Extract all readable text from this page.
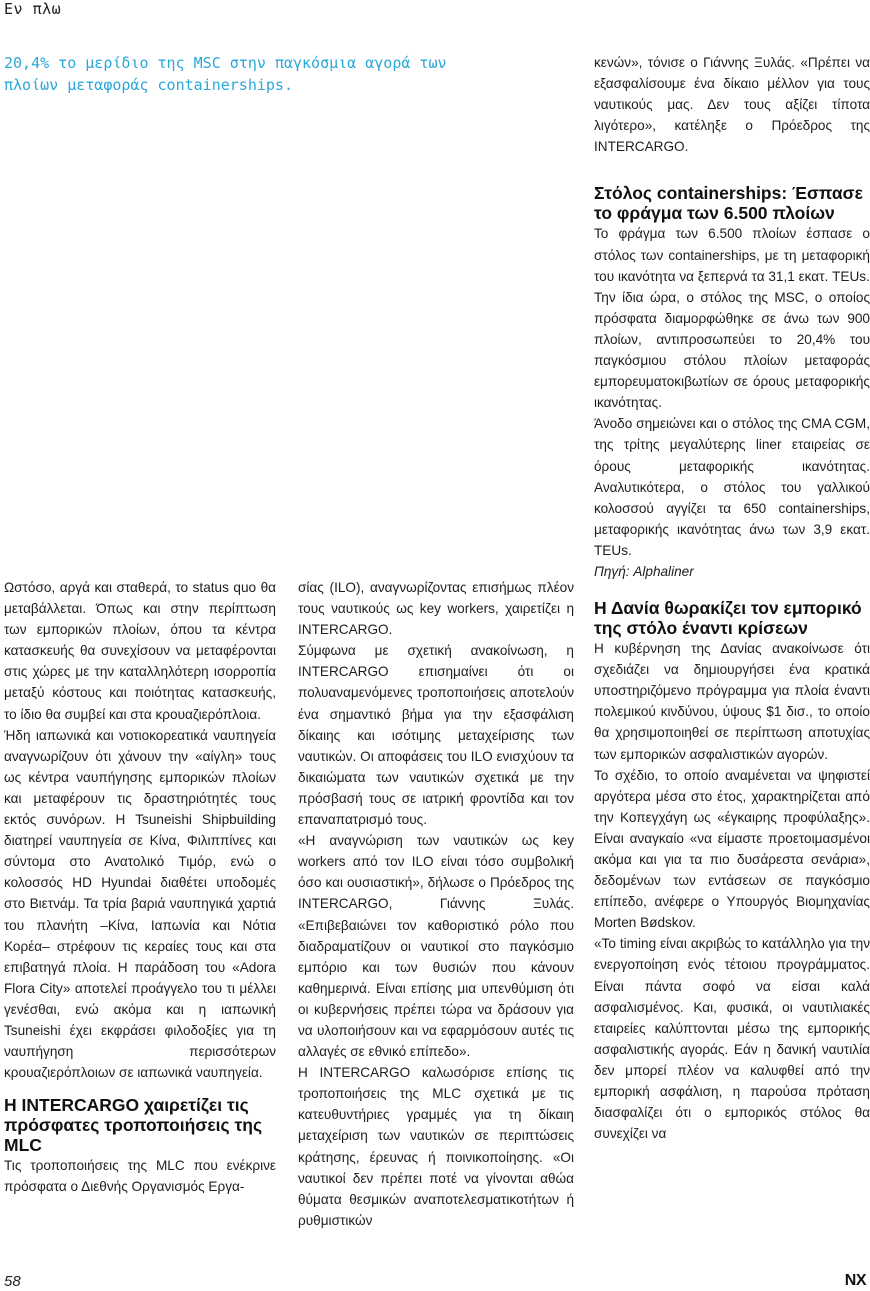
Εν πλω
20,4% το μερίδιο της MSC στην παγκόσμια αγορά των πλοίων μεταφοράς containerships.

Ωστόσο, αργά και σταθερά, το status quo θα μεταβάλλεται. Όπως και στην περίπτωση των εμπορικών πλοίων, όπου τα κέντρα κατασκευής θα συνεχίσουν να μεταφέρονται στις χώρες με την καταλληλότερη ισορροπία μεταξύ κόστους και ποιότητας κατασκευής, το ίδιο θα συμβεί και στα κρουαζιερόπλοια.

Ήδη ιαπωνικά και νοτιοκορεατικά ναυπηγεία αναγνωρίζουν ότι χάνουν την «αίγλη» τους ως κέντρα ναυπήγησης εμπορικών πλοίων και μεταφέρουν τις δραστηριότητές τους εκτός συνόρων. Η Tsuneishi Shipbuilding διατηρεί ναυπηγεία σε Κίνα, Φιλιππίνες και σύντομα στο Ανατολικό Τιμόρ, ενώ ο κολοσσός HD Hyundai διαθέτει υποδομές στο Βιετνάμ. Τα τρία βαριά ναυπηγικά χαρτιά του πλανήτη –Κίνα, Ιαπωνία και Νότια Κορέα– στρέφουν τις κεραίες τους και στα επιβατηγά πλοία. Η παράδοση του «Adora Flora City» αποτελεί προάγγελο του τι μέλλει γενέσθαι, ενώ ακόμα και η ιαπωνική Tsuneishi έχει εκφράσει φιλοδοξίες για τη ναυπήγηση περισσότερων κρουαζιερόπλοιων σε ιαπωνικά ναυπηγεία.

Η INTERCARGO χαιρετίζει τις πρόσφατες τροποποιήσεις της MLC

Τις τροποποιήσεις της MLC που ενέκρινε πρόσφατα ο Διεθνής Οργανισμός Εργα-

σίας (ILO), αναγνωρίζοντας επισήμως πλέον τους ναυτικούς ως key workers, χαιρετίζει η INTERCARGO.

Σύμφωνα με σχετική ανακοίνωση, η INTERCARGO επισημαίνει ότι οι πολυαναμενόμενες τροποποιήσεις αποτελούν ένα σημαντικό βήμα για την εξασφάλιση δίκαιης και ισότιμης μεταχείρισης των ναυτικών. Οι αποφάσεις του ILO ενισχύουν τα δικαιώματα των ναυτικών σχετικά με την πρόσβασή τους σε ιατρική φροντίδα και τον επαναπατρισμό τους.

«Η αναγνώριση των ναυτικών ως key workers από τον ILO είναι τόσο συμβολική όσο και ουσιαστική», δήλωσε ο Πρόεδρος της INTERCARGO, Γιάννης Ξυλάς. «Επιβεβαιώνει τον καθοριστικό ρόλο που διαδραματίζουν οι ναυτικοί στο παγκόσμιο εμπόριο και των θυσιών που κάνουν καθημερινά. Είναι επίσης μια υπενθύμιση ότι οι κυβερνήσεις πρέπει τώρα να δράσουν για να υλοποιήσουν και να εφαρμόσουν αυτές τις αλλαγές σε εθνικό επίπεδο».

Η INTERCARGO καλωσόρισε επίσης τις τροποποιήσεις της MLC σχετικά με τις κατευθυντήριες γραμμές για τη δίκαιη μεταχείριση των ναυτικών σε περιπτώσεις κράτησης, έρευνας ή ποινικοποίησης. «Οι ναυτικοί δεν πρέπει ποτέ να γίνονται αθώα θύματα θεσμικών αναποτελεσματικοτήτων ή ρυθμιστικών

κενών», τόνισε ο Γιάννης Ξυλάς. «Πρέπει να εξασφαλίσουμε ένα δίκαιο μέλλον για τους ναυτικούς μας. Δεν τους αξίζει τίποτα λιγότερο», κατέληξε ο Πρόεδρος της INTERCARGO.

Στόλος containerships: Έσπασε το φράγμα των 6.500 πλοίων

Το φράγμα των 6.500 πλοίων έσπασε ο στόλος των containerships, με τη μεταφορική του ικανότητα να ξεπερνά τα 31,1 εκατ. TEUs.

Την ίδια ώρα, ο στόλος της MSC, ο οποίος πρόσφατα διαμορφώθηκε σε άνω των 900 πλοίων, αντιπροσωπεύει το 20,4% του παγκόσμιου στόλου πλοίων μεταφοράς εμπορευματοκιβωτίων σε όρους μεταφορικής ικανότητας.

Άνοδο σημειώνει και ο στόλος της CMA CGM, της τρίτης μεγαλύτερης liner εταιρείας σε όρους μεταφορικής ικανότητας. Αναλυτικότερα, ο στόλος του γαλλικού κολοσσού αγγίζει τα 650 containerships, μεταφορικής ικανότητας άνω των 3,9 εκατ. TEUs.

Πηγή: Alphaliner

Η Δανία θωρακίζει τον εμπορικό της στόλο έναντι κρίσεων

Η κυβέρνηση της Δανίας ανακοίνωσε ότι σχεδιάζει να δημιουργήσει ένα κρατικά υποστηριζόμενο πρόγραμμα για πλοία έναντι πολεμικού κινδύνου, ύψους $1 δισ., το οποίο θα χρησιμοποιηθεί σε περίπτωση αποτυχίας των εμπορικών ασφαλιστικών αγορών.

Το σχέδιο, το οποίο αναμένεται να ψηφιστεί αργότερα μέσα στο έτος, χαρακτηρίζεται από την Κοπεγχάγη ως «έγκαιρης προφύλαξης». Είναι αναγκαίο «να είμαστε προετοιμασμένοι ακόμα και για τα πιο δυσάρεστα σενάρια», δεδομένων των εντάσεων σε παγκόσμιο επίπεδο, ανέφερε ο Υπουργός Βιομηχανίας Morten Bødskov.

«Το timing είναι ακριβώς το κατάλληλο για την ενεργοποίηση ενός τέτοιου προγράμματος. Είναι πάντα σοφό να είσαι καλά ασφαλισμένος. Και, φυσικά, οι ναυτιλιακές εταιρείες καλύπτονται μέσω της εμπορικής ασφαλιστικής αγοράς. Εάν η δανική ναυτιλία δεν μπορεί πλέον να καλυφθεί από την εμπορική ασφάλιση, η παρούσα πρόταση διασφαλίζει ότι ο εμπορικός στόλος θα συνεχίζει να

58	NX
